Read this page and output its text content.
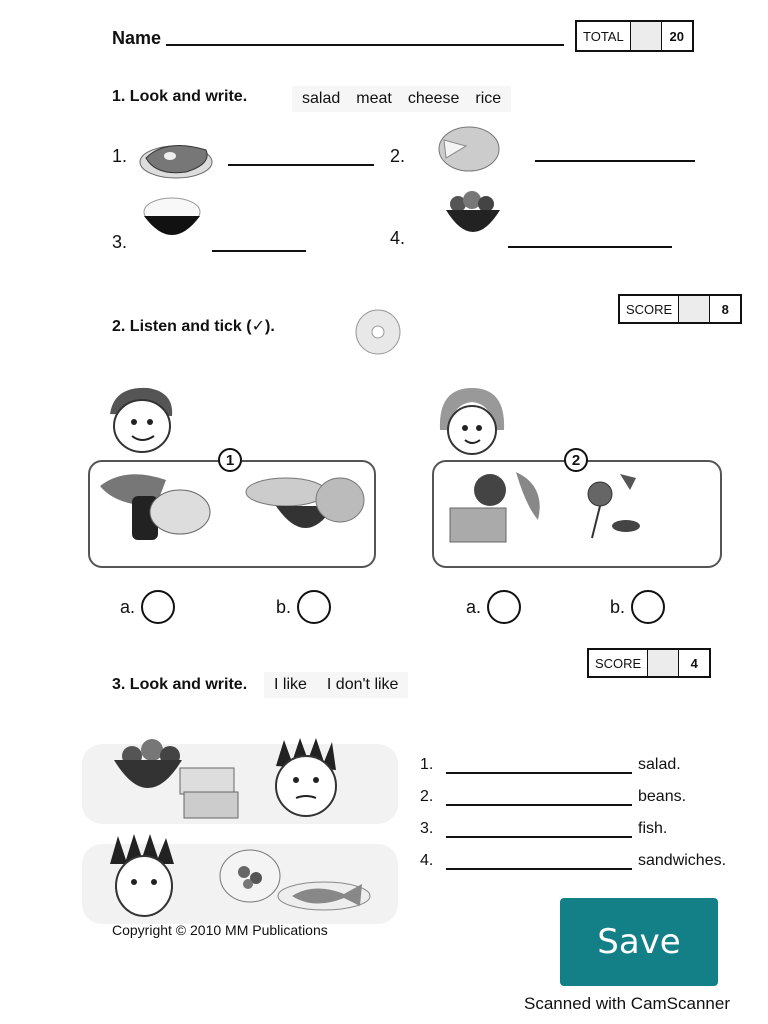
Name	TOTAL	20
1. Look and write.	salad meat cheese rice
1.	2.
3.	4.
SCORE	8
2. Listen and tick (✓).
1
a.	b.
2
a.	b.
SCORE	4
3. Look and write. I like I don't like
1.	salad.
2.	beans.
3.	fish.
4.	sandwiches.
Copyright © 2010 MM Publications	Save
Scanned with CamScanner
